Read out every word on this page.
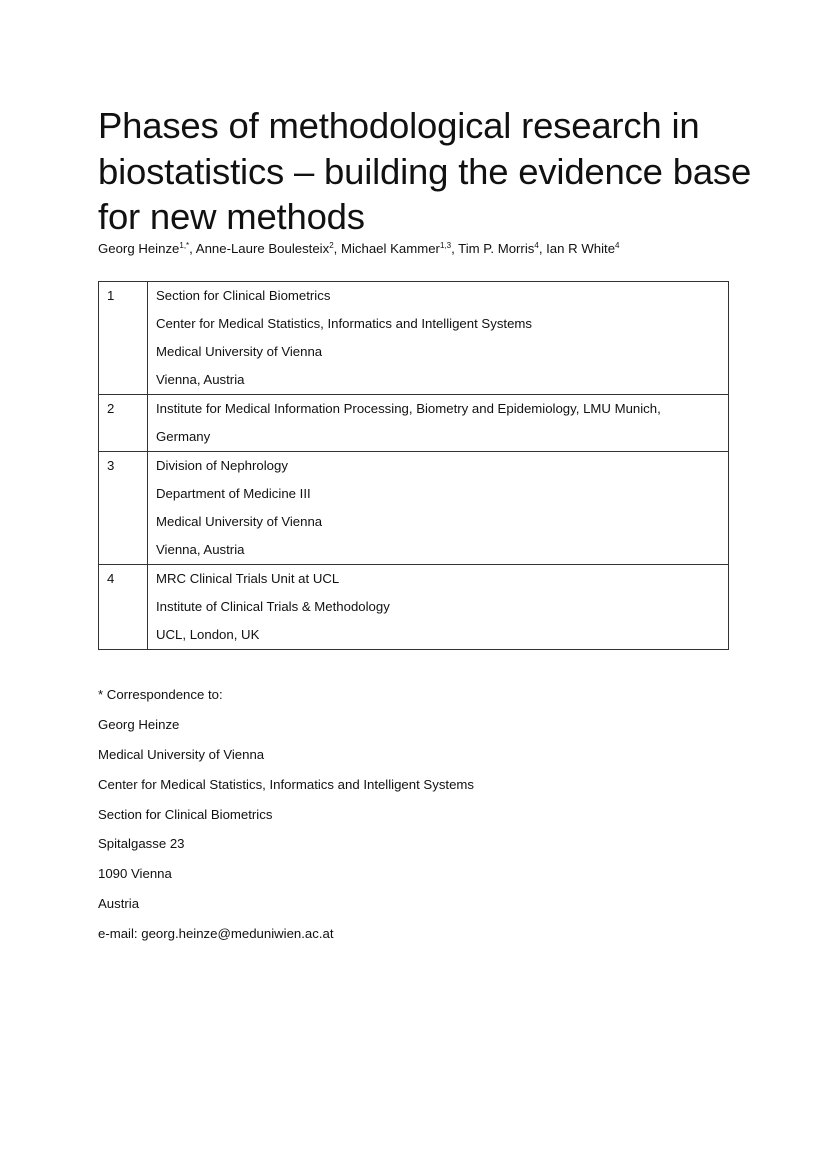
Phases of methodological research in
biostatistics – building the evidence base
for new methods
Georg Heinze$^{1,*}$, Anne-Laure Boulesteix$^2$, Michael Kammer$^{1,3}$, Tim P. Morris$^4$, Ian R White$^4$
1	Section for Clinical Biometrics
Center for Medical Statistics, Informatics and Intelligent Systems
Medical University of Vienna
Vienna, Austria

2	Institute for Medical Information Processing, Biometry and Epidemiology, LMU Munich,
Germany

3	Division of Nephrology
Department of Medicine III
Medical University of Vienna
Vienna, Austria

4	MRC Clinical Trials Unit at UCL
Institute of Clinical Trials & Methodology
UCL, London, UK
* Correspondence to:
Georg Heinze
Medical University of Vienna
Center for Medical Statistics, Informatics and Intelligent Systems
Section for Clinical Biometrics
Spitalgasse 23
1090 Vienna
Austria
e-mail: georg.heinze@meduniwien.ac.at
